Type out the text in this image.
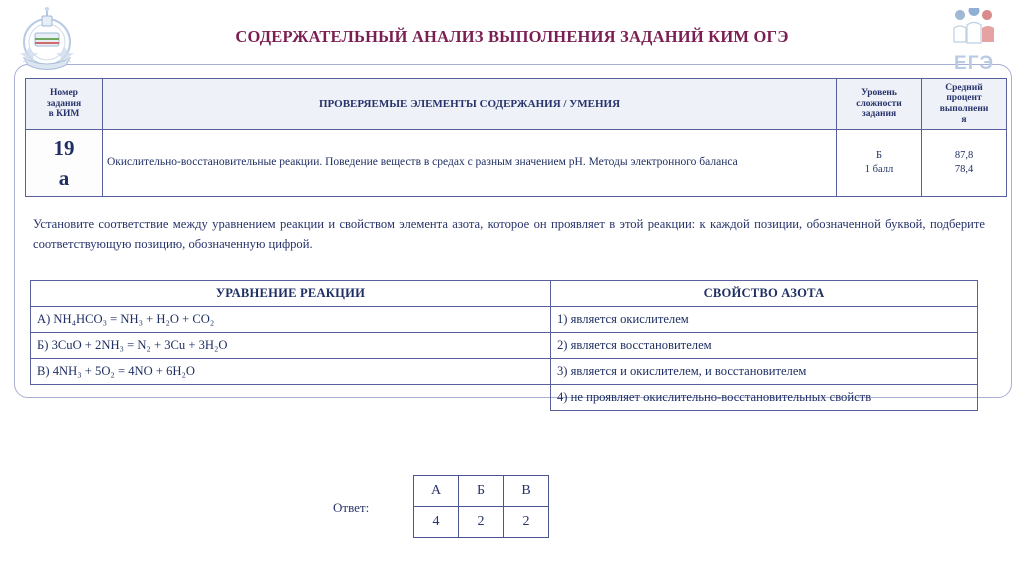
ЕГЭ
СОДЕРЖАТЕЛЬНЫЙ АНАЛИЗ ВЫПОЛНЕНИЯ ЗАДАНИЙ КИМ ОГЭ
Номер
задания
в КИМ	ПРОВЕРЯЕМЫЕ ЭЛЕМЕНТЫ СОДЕРЖАНИЯ / УМЕНИЯ	Уровень
сложности
задания	Средний
процент
выполнени
я
19
а	Окислительно-восстановительные реакции. Поведение веществ в средах с разным значением рН. Методы электронного баланса	Б
1 балл	87,8
78,4
Установите соответствие между уравнением реакции и свойством элемента азота, которое он проявляет в этой реакции: к каждой позиции, обозначенной буквой, подберите соответствующую позицию, обозначенную цифрой.
УРАВНЕНИЕ РЕАКЦИИ	СВОЙСТВО АЗОТА
А) NH₄HCO₃ = NH₃ + H₂O + CO₂	1) является окислителем
Б) 3CuO + 2NH₃ = N₂ + 3Cu + 3H₂O	2) является восстановителем
В) 4NH₃ + 5O₂ = 4NO + 6H₂O	3) является и окислителем, и восстановителем
	4) не проявляет окислительно-восстановительных свойств
Ответ:
А	Б	В
4	2	2
